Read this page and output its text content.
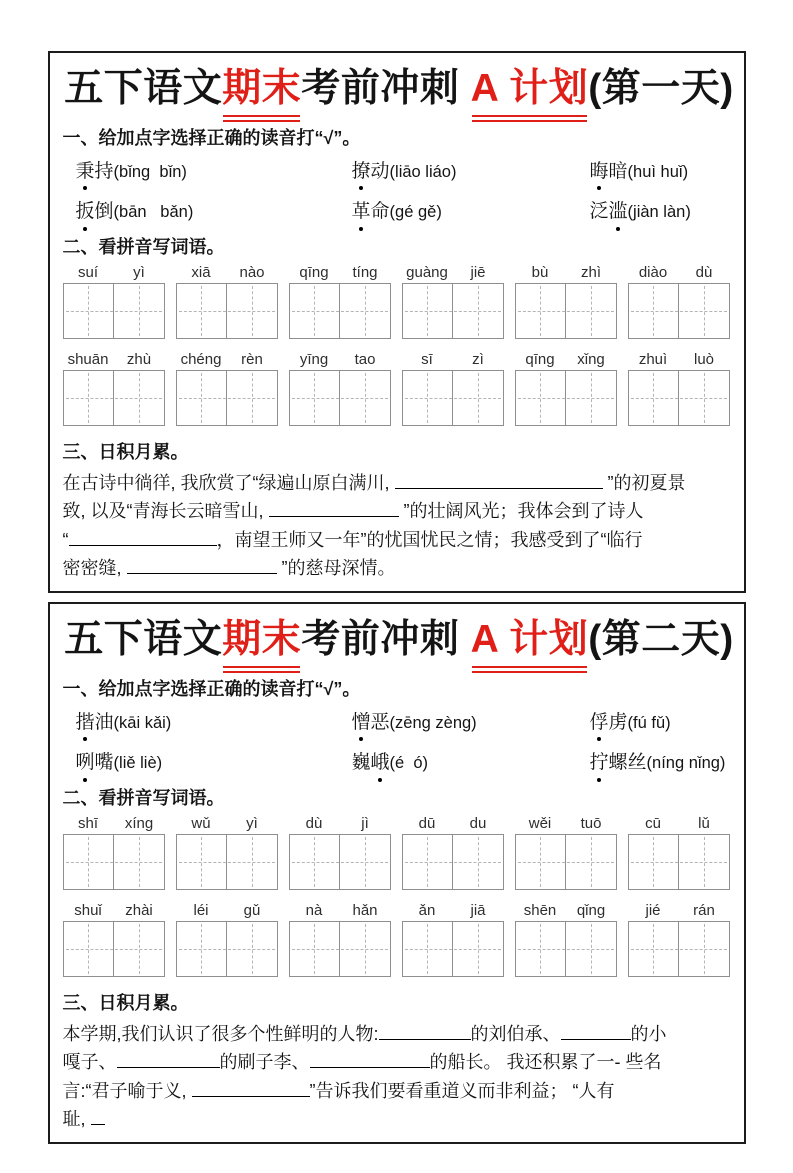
五下语文期末考前冲刺 A 计划(第一天)
一、给加点字选择正确的读音打“√”。
秉持(bǐng  bǐn)	撩动(liāo liáo)	晦暗(huì huǐ)
扳倒(bān   bǎn)	革命(gé gě)	泛滥(jiàn làn)
二、看拼音写词语。
suí	yì	xiā	nào	qīng	tíng	guàng	jiē	bù	zhì	diào	dù
shuān	zhù	chéng	rèn	yīng	tao	sī	zì	qīng	xǐng	zhuì	luò
三、日积月累。
在古诗中徜徉, 我欣赏了“绿遍山原白满川,	”的初夏景
致, 以及“青海长云暗雪山,	”的壮阔风光；我体会到了诗人
“	，南望王师又一年”的忧国忧民之情；我感受到了“临行
密密缝,	”的慈母深情。
五下语文期末考前冲刺 A 计划(第二天)
一、给加点字选择正确的读音打“√”。
揩油(kāi kǎi)	憎恶(zēng zèng)	俘虏(fú fǔ)
咧嘴(liě liè)	巍峨(é  ó)	拧螺丝(níng nǐng)
二、看拼音写词语。
shī	xíng	wǔ	yì	dù	jì	dū	du	wěi	tuō	cū	lǔ
shuǐ	zhài	léi	gǔ	nà	hǎn	ǎn	jiā	shēn	qǐng	jié	rán
三、日积月累。
本学期,我们认识了很多个性鲜明的人物:	的刘伯承、	的小
嘎子、	的刷子李、	的船长。 我还积累了一- 些名
言:“君子喻于义,	”告诉我们要看重道义而非利益； “人有
耻,
